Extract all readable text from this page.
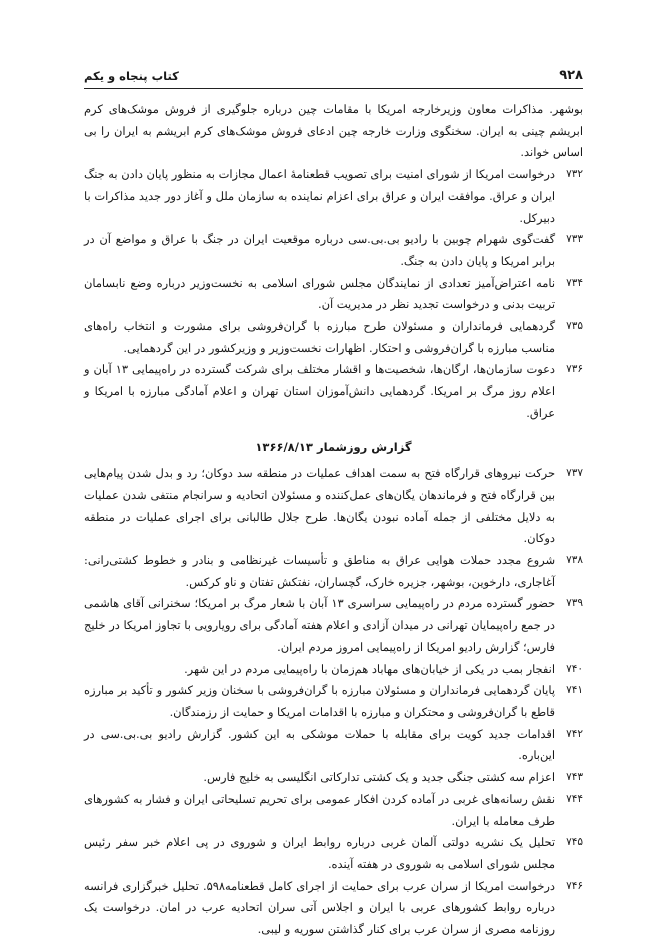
۹۲۸
کتاب پنجاه و یکم

بوشهر. مذاکرات معاون وزیرخارجه امریکا با مقامات چین درباره جلوگیری از فروش موشک‌های کرم ابریشم چینی به ایران. سخنگوی وزارت خارجه چین ادعای فروش موشک‌های کرم ابریشم به ایران را بی اساس خواند.

۷۳۲
درخواست امریکا از شورای امنیت برای تصویب قطعنامهٔ اعمال مجازات به منظور پایان دادن به جنگ ایران و عراق. موافقت ایران و عراق برای اعزام نماینده به سازمان ملل و آغاز دور جدید مذاکرات با دبیرکل.
۷۳۳
گفت‌گوی شهرام چوبین با رادیو بی.بی.سی درباره موقعیت ایران در جنگ با عراق و مواضع آن در برابر امریکا و پایان دادن به جنگ.
۷۳۴
نامه اعتراض‌آمیز تعدادی از نمایندگان مجلس شورای اسلامی به نخست‌وزیر درباره وضع نابسامان تربیت بدنی و درخواست تجدید نظر در مدیریت آن.
۷۳۵
گردهمایی فرمانداران و مسئولان طرح مبارزه با گران‌فروشی برای مشورت و انتخاب راه‌های مناسب مبارزه با گران‌فروشی و احتکار. اظهارات نخست‌وزیر و وزیرکشور در این گردهمایی.
۷۳۶
دعوت سازمان‌ها، ارگان‌ها، شخصیت‌ها و اقشار مختلف برای شرکت گسترده در راه‌پیمایی ۱۳ آبان و اعلام روز مرگ بر امریکا. گردهمایی دانش‌آموزان استان تهران و اعلام آمادگی مبارزه با امریکا و عراق.
گزارش روزشمار ۱۳۶۶/۸/۱۳
۷۳۷
حرکت نیروهای قرارگاه فتح به سمت اهداف عملیات در منطقه سد دوکان؛ رد و بدل شدن پیام‌هایی بین قرارگاه فتح و فرماندهان یگان‌های عمل‌کننده و مسئولان اتحادیه و سرانجام منتفی شدن عملیات به دلایل مختلفی از جمله آماده نبودن یگان‌ها. طرح جلال طالبانی برای اجرای عملیات در منطقه دوکان.
۷۳۸
شروع مجدد حملات هوایی عراق به مناطق و تأسیسات غیرنظامی و بنادر و خطوط کشتی‌رانی: آغاجاری، دارخوین، بوشهر، جزیره خارک، گچساران، نفتکش تفتان و ناو کرکس.
۷۳۹
حضور گسترده مردم در راه‌پیمایی سراسری ۱۳ آبان با شعار مرگ بر امریکا؛ سخنرانی آقای هاشمی در جمع راه‌پیمایان تهرانی در میدان آزادی و اعلام هفته آمادگی برای رویارویی با تجاوز امریکا در خلیج فارس؛ گزارش رادیو امریکا از راه‌پیمایی امروز مردم ایران.
۷۴۰
انفجار بمب در یکی از خیابان‌های مهاباد هم‌زمان با راه‌پیمایی مردم در این شهر.
۷۴۱
پایان گردهمایی فرمانداران و مسئولان مبارزه با گران‌فروشی با سخنان وزیر کشور و تأکید بر مبارزه قاطع با گران‌فروشی و محتکران و مبارزه با اقدامات امریکا و حمایت از رزمندگان.
۷۴۲
اقدامات جدید کویت برای مقابله با حملات موشکی به این کشور. گزارش رادیو بی.بی.سی در این‌باره.
۷۴۳
اعزام سه کشتی جنگی جدید و یک کشتی تدارکاتی انگلیسی به خلیج فارس.
۷۴۴
نقش رسانه‌های غربی در آماده کردن افکار عمومی برای تحریم تسلیحاتی ایران و فشار به کشورهای طرف معامله با ایران.
۷۴۵
تحلیل یک نشریه دولتی آلمان غربی درباره روابط ایران و شوروی در پی اعلام خبر سفر رئیس مجلس شورای اسلامی به شوروی در هفته آینده.
۷۴۶
درخواست امریکا از سران عرب برای حمایت از اجرای کامل قطعنامه۵۹۸. تحلیل خبرگزاری فرانسه درباره روابط کشورهای عربی با ایران و اجلاس آتی سران اتحادیه عرب در امان. درخواست یک روزنامه مصری از سران عرب برای کنار گذاشتن سوریه و لیبی.
